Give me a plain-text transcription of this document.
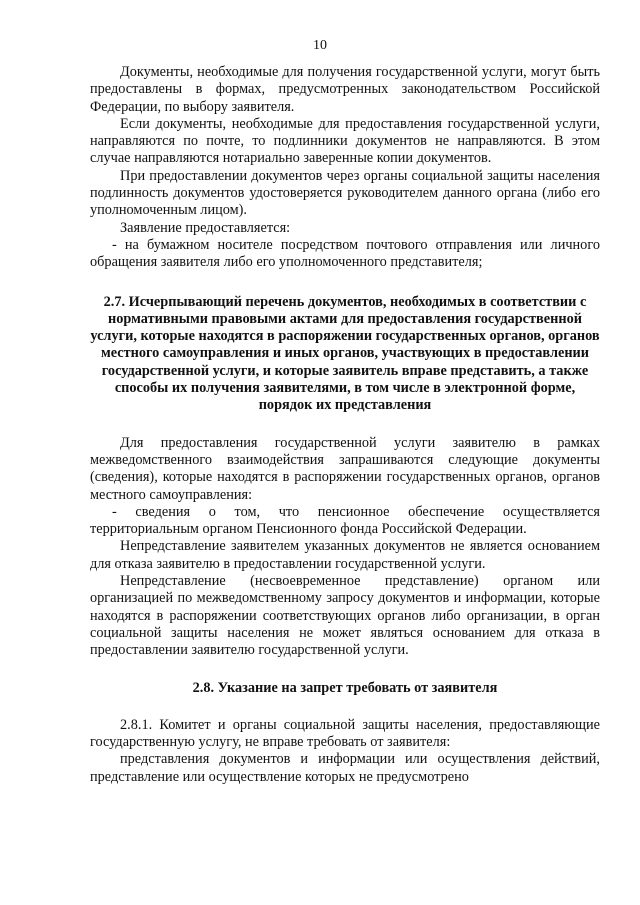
10

Документы, необходимые для получения государственной услуги, могут быть предоставлены в формах, предусмотренных законодательством Российской Федерации, по выбору заявителя.

Если документы, необходимые для предоставления государственной услуги, направляются по почте, то подлинники документов не направляются. В этом случае направляются нотариально заверенные копии документов.

При предоставлении документов через органы социальной защиты населения подлинность документов удостоверяется руководителем данного органа (либо его уполномоченным лицом).

Заявление предоставляется:

- на бумажном носителе посредством почтового отправления или личного обращения заявителя либо его уполномоченного представителя;

2.7. Исчерпывающий перечень документов, необходимых в соответствии с нормативными правовыми актами для предоставления государственной услуги, которые находятся в распоряжении государственных органов, органов местного самоуправления и иных органов, участвующих в предоставлении государственной услуги, и которые заявитель вправе представить, а также способы их получения заявителями, в том числе в электронной форме, порядок их представления

Для предоставления государственной услуги заявителю в рамках межведомственного взаимодействия запрашиваются следующие документы (сведения), которые находятся в распоряжении государственных органов, органов местного самоуправления:

- сведения о том, что пенсионное обеспечение осуществляется территориальным органом Пенсионного фонда Российской Федерации.

Непредставление заявителем указанных документов не является основанием для отказа заявителю в предоставлении государственной услуги.

Непредставление (несвоевременное представление) органом или организацией по межведомственному запросу документов и информации, которые находятся в распоряжении соответствующих органов либо организации, в орган социальной защиты населения не может являться основанием для отказа в предоставлении заявителю государственной услуги.

2.8. Указание на запрет требовать от заявителя

2.8.1. Комитет и органы социальной защиты населения, предоставляющие государственную услугу, не вправе требовать от заявителя:

представления документов и информации или осуществления действий, представление или осуществление которых не предусмотрено
